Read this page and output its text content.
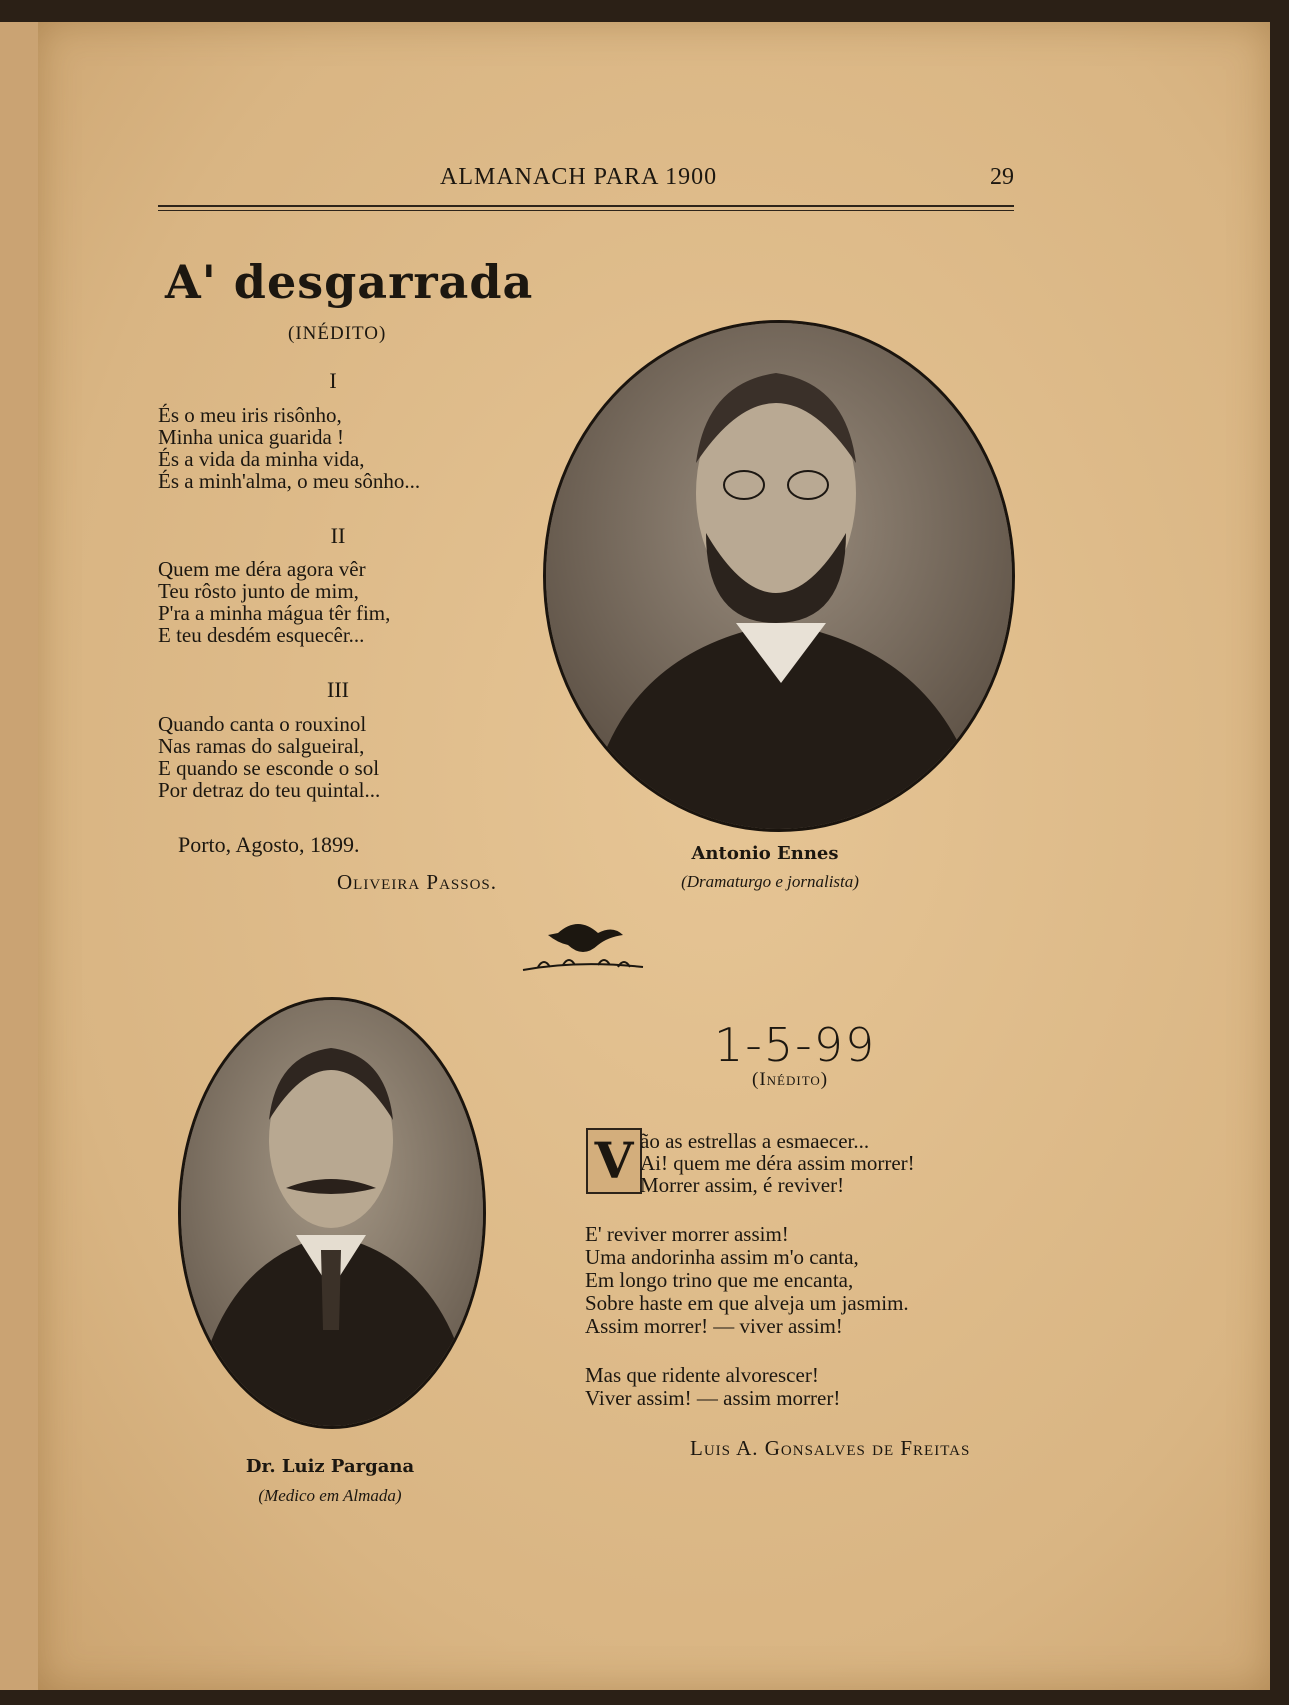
ALMANACH PARA 1900	29
A' desgarrada
(INÉDITO)
I
És o meu iris risônho,
Minha unica guarida !
És a vida da minha vida,
És a minh'alma, o meu sônho...
II
Quem me déra agora vêr
Teu rôsto junto de mim,
P'ra a minha mágua têr fim,
E teu desdém esquecêr...
III
Quando canta o rouxinol
Nas ramas do salgueiral,
E quando se esconde o sol
Por detraz do teu quintal...
Porto, Agosto, 1899.
Oliveira Passos.
Antonio Ennes
(Dramaturgo e jornalista)
Dr. Luiz Pargana
(Medico em Almada)
1-5-99
(Inédito)
V ão as estrellas a esmaecer...
Ai! quem me déra assim morrer!
Morrer assim, é reviver!
E' reviver morrer assim!
Uma andorinha assim m'o canta,
Em longo trino que me encanta,
Sobre haste em que alveja um jasmim.
Assim morrer! — viver assim!
Mas que ridente alvorescer!
Viver assim! — assim morrer!
Luis A. Gonsalves de Freitas
